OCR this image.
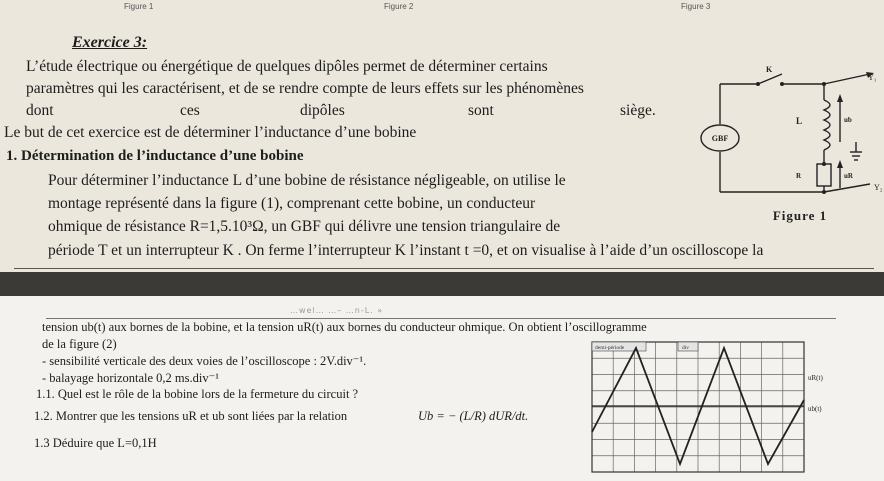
Figure 1	Figure 2	Figure 3
Exercice 3:
L’étude électrique ou énergétique de quelques dipôles permet de déterminer certains
paramètres qui les caractérisent, et de se rendre compte de leurs effets sur les phénomènes
dont	ces	dipôles	sont	siège.
Le but de cet exercice est de déterminer l’inductance d’une bobine
1. Détermination de l’inductance d’une bobine
Pour déterminer l’inductance L d’une bobine de résistance négligeable, on utilise le
montage représenté dans la figure (1), comprenant cette bobine, un conducteur
ohmique de résistance R=1,5.10³Ω, un GBF qui délivre une tension triangulaire de
période T et un interrupteur K . On ferme l’interrupteur K l’instant t =0, et on visualise à l’aide d’un oscilloscope la
GBF
K
L
R
ub
uR
Y₁
Y₂
Figure 1
…wel… …– …n-L. »
tension ub(t) aux bornes de la bobine, et la tension uR(t) aux bornes du conducteur ohmique. On obtient l’oscillogramme
de la figure (2)
- sensibilité verticale des deux voies de l’oscilloscope : 2V.div⁻¹.
- balayage horizontale 0,2 ms.div⁻¹
1.1. Quel est le rôle de la bobine lors de la fermeture du circuit ?
1.2. Montrer que les tensions uR et ub sont liées par la relation	Ub = − (L/R) dUR/dt.
1.3 Déduire que L=0,1H
demi-période	div
uR(t)
ub(t)
